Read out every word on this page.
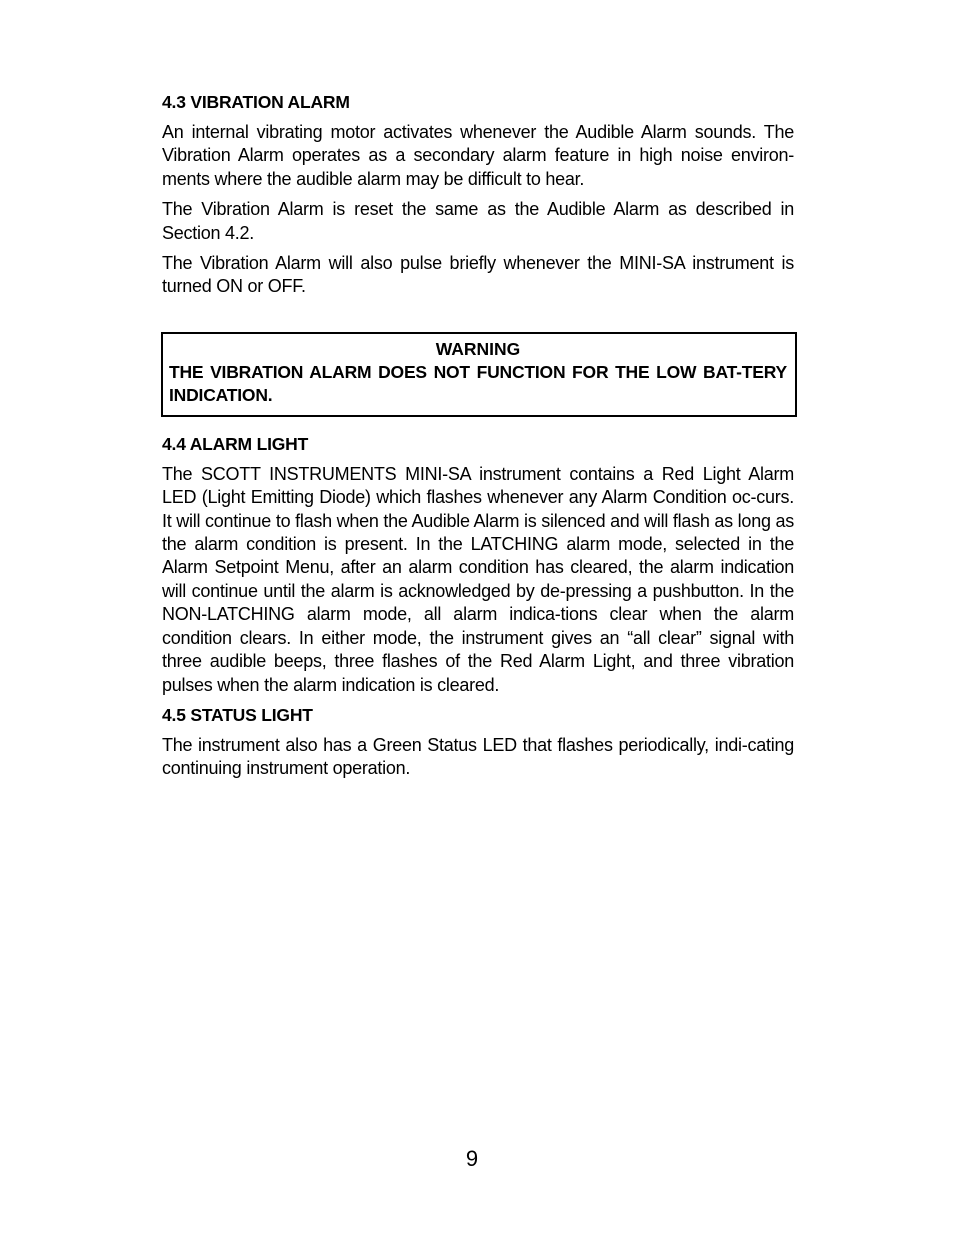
4.3 VIBRATION ALARM

An internal vibrating motor activates whenever the Audible Alarm sounds. The Vibration Alarm operates as a secondary alarm feature in high noise environ-ments where the audible alarm may be difficult to hear.

The Vibration Alarm is reset the same as the Audible Alarm as described in Section 4.2.

The Vibration Alarm will also pulse briefly whenever the MINI-SA instrument is turned ON or OFF.

WARNING
THE VIBRATION ALARM DOES NOT FUNCTION FOR THE LOW BAT-TERY INDICATION.
4.4 ALARM LIGHT

The SCOTT INSTRUMENTS MINI-SA instrument contains a Red Light Alarm LED (Light Emitting Diode) which flashes whenever any Alarm Condition oc-curs. It will continue to flash when the Audible Alarm is silenced and will flash as long as the alarm condition is present. In the LATCHING alarm mode, selected in the Alarm Setpoint Menu, after an alarm condition has cleared, the alarm indication will continue until the alarm is acknowledged by de-pressing a pushbutton. In the NON-LATCHING alarm mode, all alarm indica-tions clear when the alarm condition clears. In either mode, the instrument gives an “all clear” signal with three audible beeps, three flashes of the Red Alarm Light, and three vibration pulses when the alarm indication is cleared.

4.5 STATUS LIGHT

The instrument also has a Green Status LED that flashes periodically, indi-cating continuing instrument operation.

9
